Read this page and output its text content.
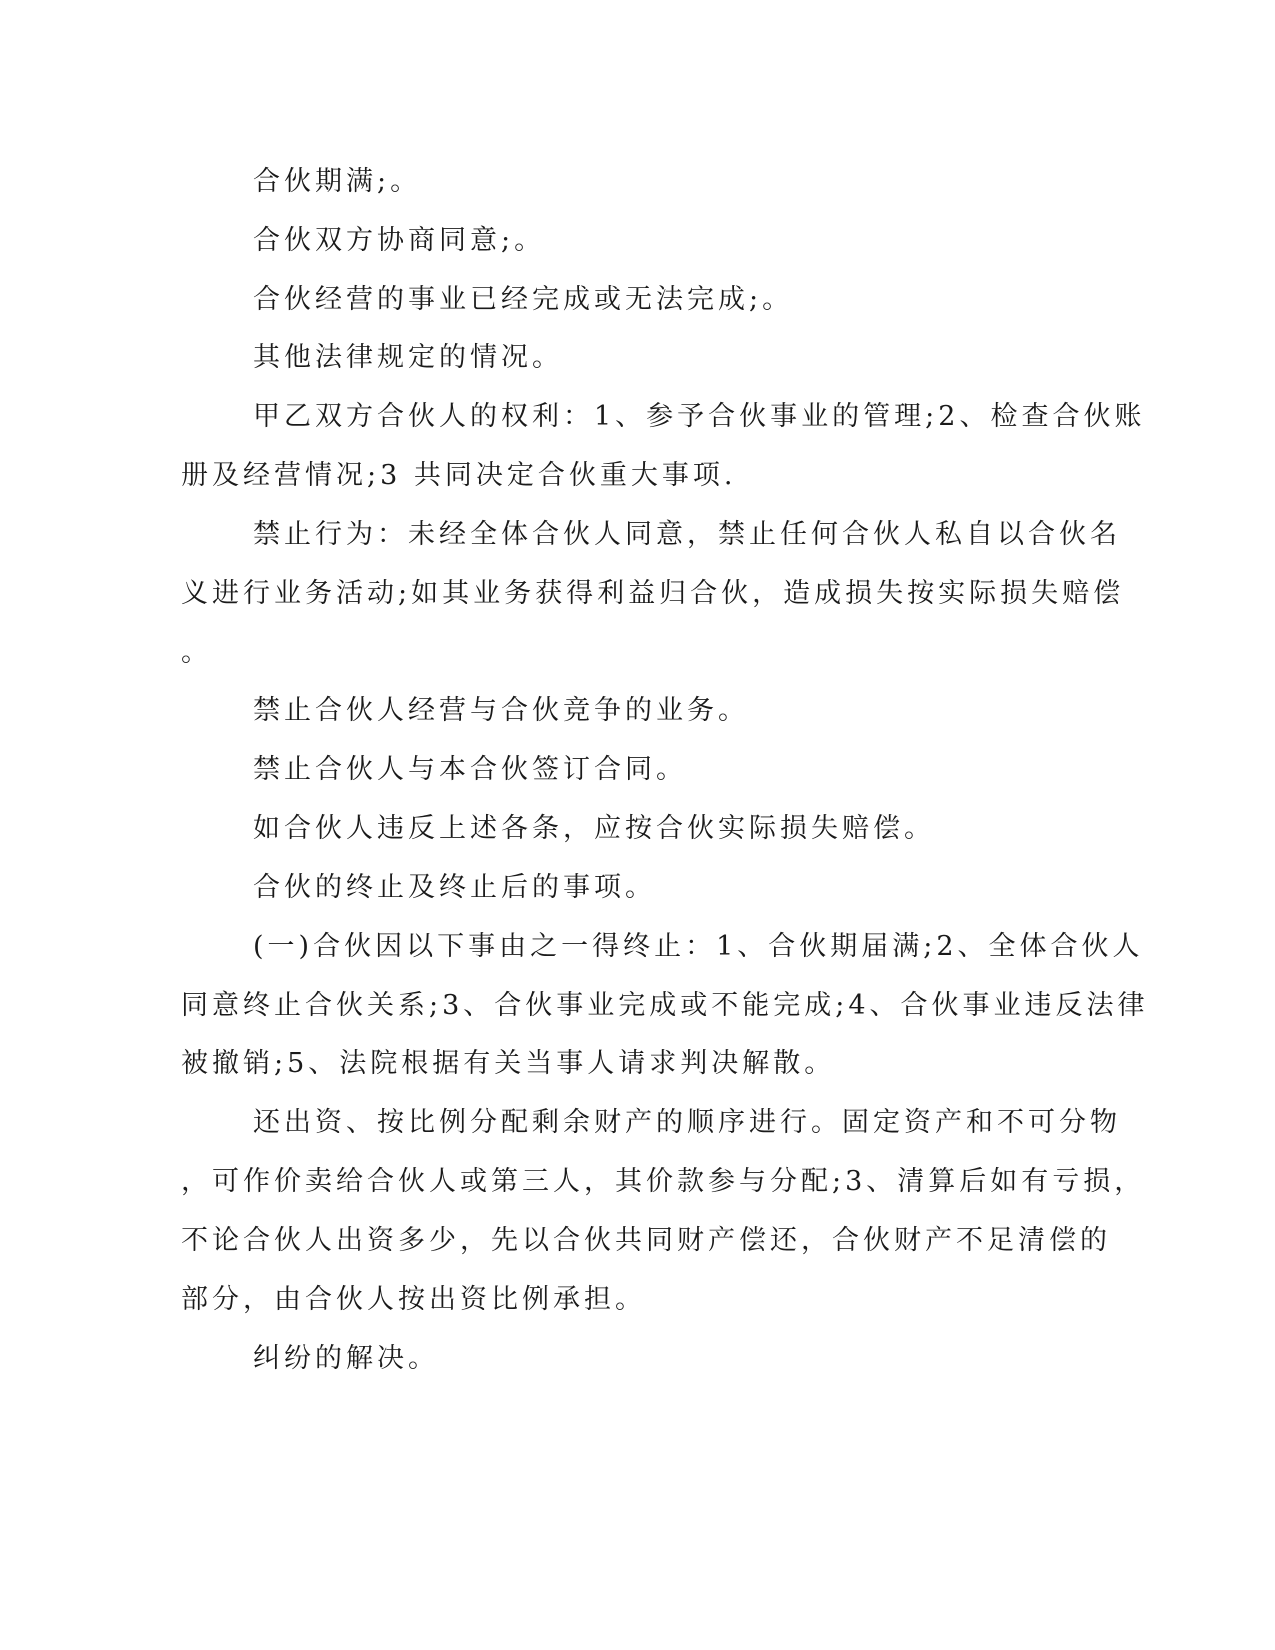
合伙期满;。
合伙双方协商同意;。
合伙经营的事业已经完成或无法完成;。
其他法律规定的情况。
甲乙双方合伙人的权利：1、参予合伙事业的管理;2、检查合伙账
册及经营情况;3 共同决定合伙重大事项.
禁止行为：未经全体合伙人同意，禁止任何合伙人私自以合伙名
义进行业务活动;如其业务获得利益归合伙，造成损失按实际损失赔偿
。
禁止合伙人经营与合伙竞争的业务。
禁止合伙人与本合伙签订合同。
如合伙人违反上述各条，应按合伙实际损失赔偿。
合伙的终止及终止后的事项。
(一)合伙因以下事由之一得终止：1、合伙期届满;2、全体合伙人
同意终止合伙关系;3、合伙事业完成或不能完成;4、合伙事业违反法律
被撤销;5、法院根据有关当事人请求判决解散。
还出资、按比例分配剩余财产的顺序进行。固定资产和不可分物
，可作价卖给合伙人或第三人，其价款参与分配;3、清算后如有亏损，
不论合伙人出资多少，先以合伙共同财产偿还，合伙财产不足清偿的
部分，由合伙人按出资比例承担。
纠纷的解决。
